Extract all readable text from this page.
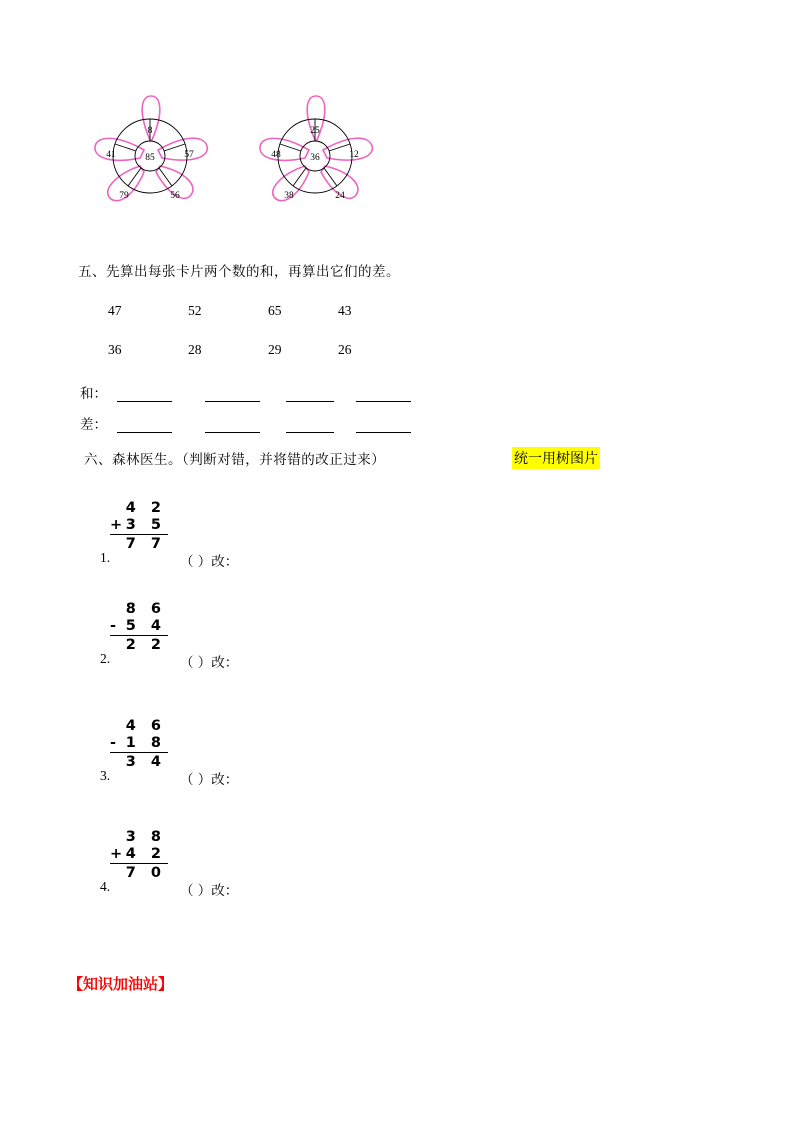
8
57
56
79
41	85
25
12
24
38
48	36
五、先算出每张卡片两个数的和，再算出它们的差。
47	52	65	43
36	28	29	26
和：
差：
六、森林医生。（判断对错，并将错的改正过来）	统一用树图片
4 2
+ 3 5
7 7
1.	（ ）改：
8 6
- 5 4
2 2
2.	（ ）改：
4 6
- 1 8
3 4
3.	（ ）改：
3 8
+ 4 2
7 0
4.	（ ）改：
【知识加油站】
